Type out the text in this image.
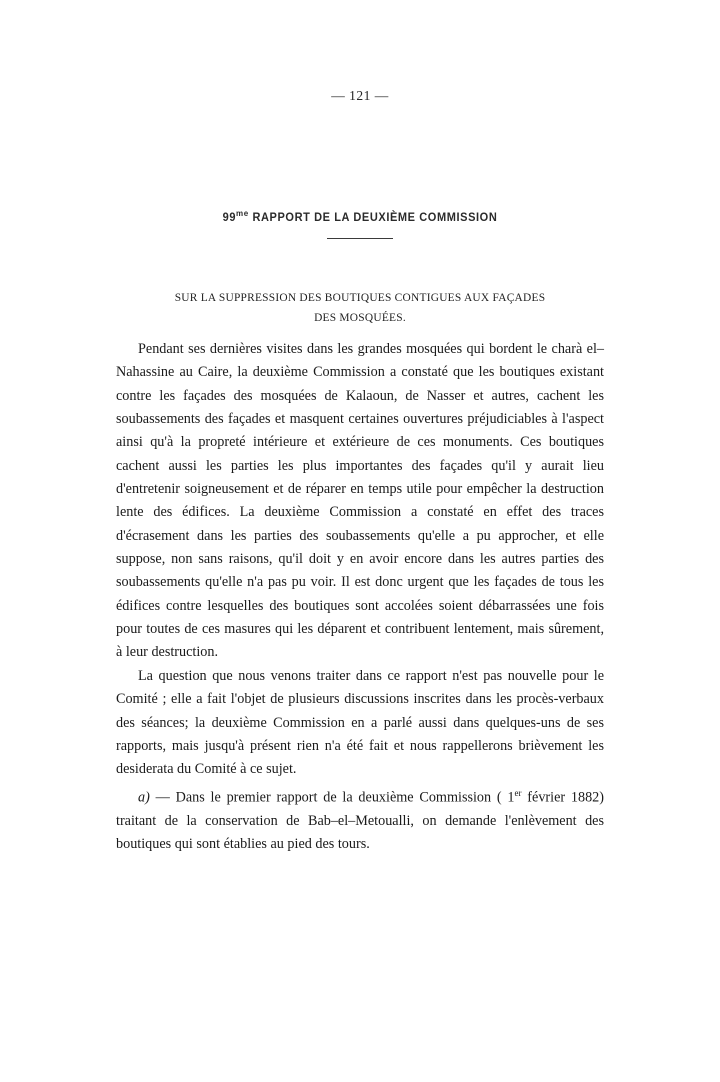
— 121 —
$99^{me}$ RAPPORT DE LA DEUXIÈME COMMISSION
SUR LA SUPPRESSION DES BOUTIQUES CONTIGUES AUX FAÇADES
DES MOSQUÉES.

Pendant ses dernières visites dans les grandes mosquées qui bordent le charà el–Nahassine au Caire, la deuxième Commission a constaté que les boutiques existant contre les façades des mosquées de Kalaoun, de Nasser et autres, cachent les soubassements des façades et masquent certaines ouvertures préjudiciables à l'aspect ainsi qu'à la propreté intérieure et extérieure de ces monuments. Ces boutiques cachent aussi les parties les plus importantes des façades qu'il y aurait lieu d'entretenir soigneusement et de réparer en temps utile pour empêcher la destruction lente des édifices. La deuxième Commission a constaté en effet des traces d'écrasement dans les parties des soubassements qu'elle a pu approcher, et elle suppose, non sans raisons, qu'il doit y en avoir encore dans les autres parties des soubassements qu'elle n'a pas pu voir. Il est donc urgent que les façades de tous les édifices contre lesquelles des boutiques sont accolées soient débarrassées une fois pour toutes de ces masures qui les déparent et contribuent lentement, mais sûrement, à leur destruction.

La question que nous venons traiter dans ce rapport n'est pas nouvelle pour le Comité ; elle a fait l'objet de plusieurs discussions inscrites dans les procès-verbaux des séances; la deuxième Commission en a parlé aussi dans quelques-uns de ses rapports, mais jusqu'à présent rien n'a été fait et nous rappellerons brièvement les desiderata du Comité à ce sujet.

a) — Dans le premier rapport de la deuxième Commission ( 1er février 1882) traitant de la conservation de Bab–el–Metoualli, on demande l'enlèvement des boutiques qui sont établies au pied des tours.
